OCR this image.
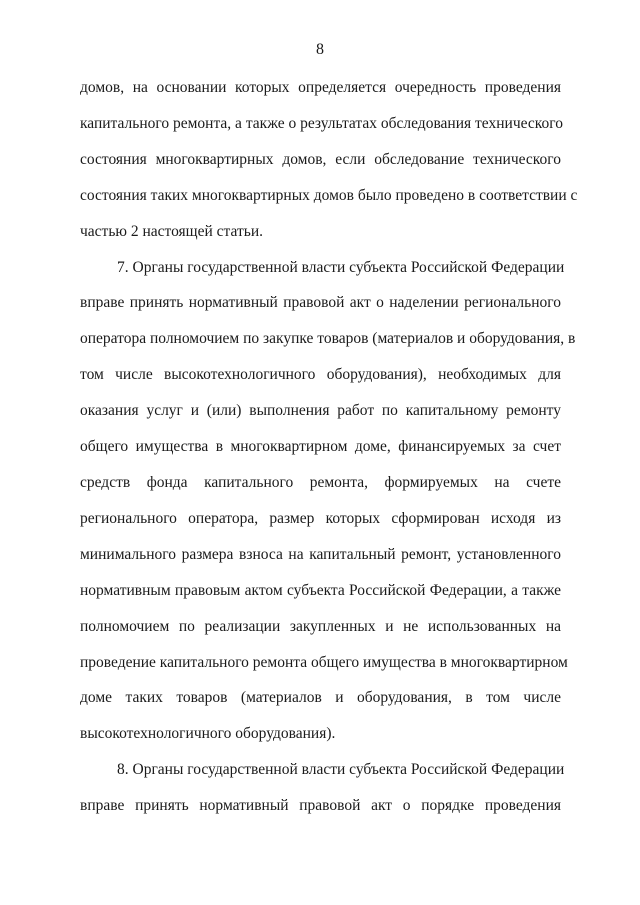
8
домов, на основании которых определяется очередность проведения
капитального ремонта, а также о результатах обследования технического
состояния многоквартирных домов, если обследование технического
состояния таких многоквартирных домов было проведено в соответствии с
частью 2 настоящей статьи.
7. Органы государственной власти субъекта Российской Федерации
вправе принять нормативный правовой акт о наделении регионального
оператора полномочием по закупке товаров (материалов и оборудования, в
том числе высокотехнологичного оборудования), необходимых для
оказания услуг и (или) выполнения работ по капитальному ремонту
общего имущества в многоквартирном доме, финансируемых за счет
средств фонда капитального ремонта, формируемых на счете
регионального оператора, размер которых сформирован исходя из
минимального размера взноса на капитальный ремонт, установленного
нормативным правовым актом субъекта Российской Федерации, а также
полномочием по реализации закупленных и не использованных на
проведение капитального ремонта общего имущества в многоквартирном
доме таких товаров (материалов и оборудования, в том числе
высокотехнологичного оборудования).
8. Органы государственной власти субъекта Российской Федерации
вправе принять нормативный правовой акт о порядке проведения
